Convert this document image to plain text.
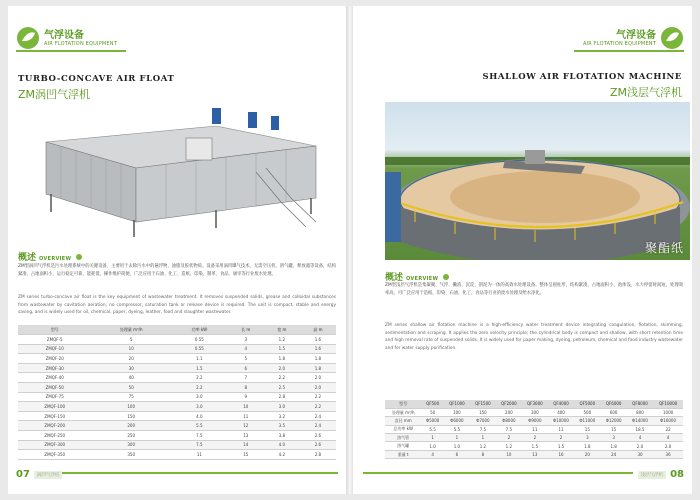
气浮设备
AIR FLOTATION EQUIPMENT
TURBO-CONCAVE AIR FLOAT
ZM涡凹气浮机
概述 OVERVIEW
ZM型涡凹气浮机是污水处理系统中的关键设备，主要用于去除污水中的悬浮物、油脂及胶状物质。设备采用涡凹曝气技术，无需空压机、溶气罐、释放器等设备，结构紧凑，占地面积小，运行稳定可靠，能耗低，操作维护简便，广泛应用于石油、化工、造纸、印染、制革、食品、屠宰等行业废水处理。
ZM series turbo-concave air float is the key equipment of wastewater treatment. It removes suspended solids, grease and colloidal substances from wastewater by cavitation aeration; no compressor, saturation tank or release device is required. The unit is compact, stable and energy saving, and is widely used for oil, chemical, paper, dyeing, leather, food and slaughter wastewater.
型号	处理量 m³/h	功率 kW	长 m	宽 m	高 m
ZMQF-5	5	0.55	3	1.2	1.6
ZMQF-10	10	0.55	4	1.5	1.6
ZMQF-20	20	1.1	5	1.8	1.8
ZMQF-30	30	1.5	6	2.0	1.8
ZMQF-40	40	2.2	7	2.2	2.0
ZMQF-50	50	2.2	8	2.5	2.0
ZMQF-75	75	3.0	9	2.8	2.2
ZMQF-100	100	3.0	10	3.0	2.2
ZMQF-150	150	4.0	11	3.2	2.4
ZMQF-200	200	5.5	12	3.5	2.4
ZMQF-250	250	7.5	13	3.8	2.6
ZMQF-300	300	7.5	14	4.0	2.6
ZMQF-350	350	11	15	4.2	2.8
07	涡凹气浮机
气浮设备
AIR FLOTATION EQUIPMENT
SHALLOW AIR FLOTATION MACHINE
ZM浅层气浮机
聚酯纸
概述 OVERVIEW
ZM型浅层气浮机是集凝聚、气浮、撇渣、沉淀、刮泥为一体的高效水处理设备。整体呈圆柱形，结构紧凑，占地面积小，池体浅，水力停留时间短，处理效率高，可广泛应用于造纸、印染、石油、化工、食品等行业的废水处理及给水净化。
ZM series shallow air flotation machine is a high-efficiency water treatment device integrating coagulation, flotation, skimming, sedimentation and scraping. It applies the zero velocity principle; the cylindrical body is compact and shallow, with short retention time and high removal rate of suspended solids. It is widely used for paper making, dyeing, petroleum, chemical and food industry wastewater and for water supply purification.
型号	QF500	QF1000	QF1500	QF2000	QF3000	QF4000	QF5000	QF6000	QF8000	QF10000
处理量 m³/h	50	100	150	200	300	400	500	600	800	1000
直径 mm	Φ5000	Φ6000	Φ7000	Φ8000	Φ9000	Φ10000	Φ11000	Φ12000	Φ14000	Φ16000
总功率 kW	5.5	5.5	7.5	7.5	11	11	15	15	18.5	22
溶气管	1	1	1	2	2	2	3	3	4	4
溶气罐	1.0	1.0	1.2	1.2	1.5	1.5	1.8	1.8	2.0	2.0
重量 t	4	6	8	10	13	16	20	24	30	36
浅层气浮机 08
